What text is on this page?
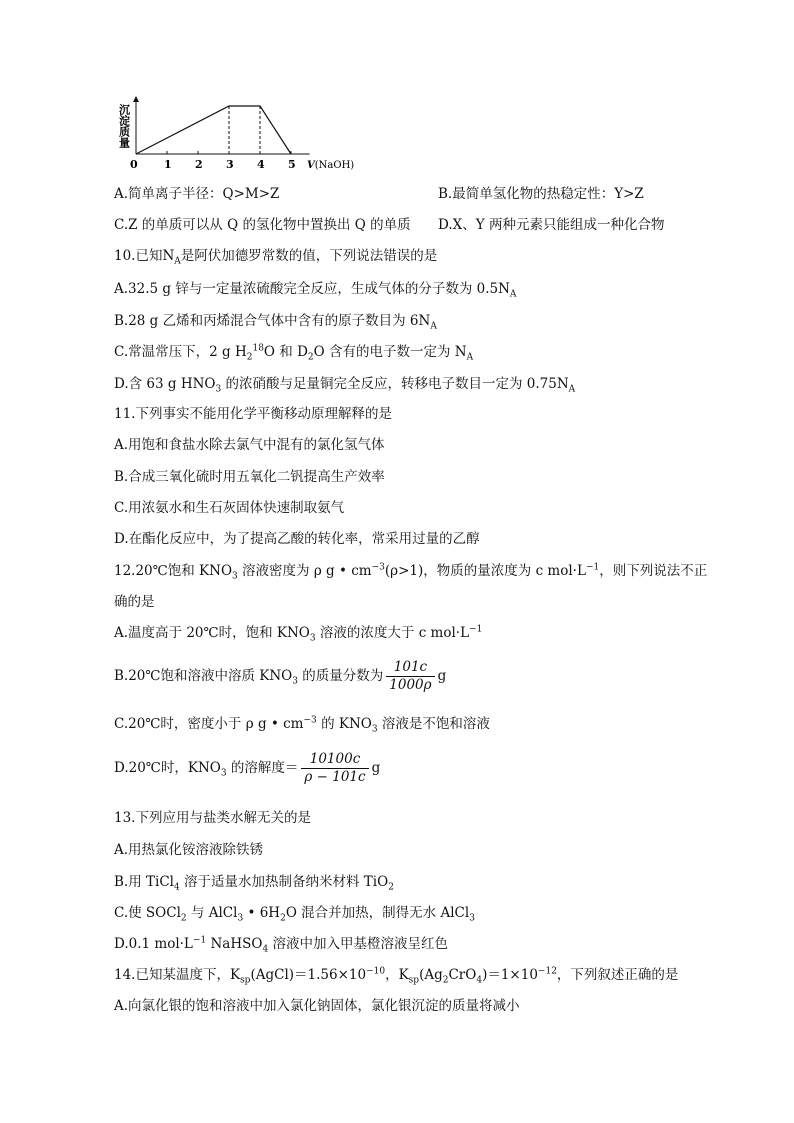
沉淀质量
0 1 2 3 4 5 V(NaOH)
A.简单离子半径：Q>M>Z	B.最简单氢化物的热稳定性：Y>Z
C.Z 的单质可以从 Q 的氢化物中置换出 Q 的单质 D.X、Y 两种元素只能组成一种化合物
10.已知$N_A$是阿伏加德罗常数的值，下列说法错误的是
A.32.5 g 锌与一定量浓硫酸完全反应，生成气体的分子数为 $0.5N_A$
B.28 g 乙烯和丙烯混合气体中含有的原子数目为 $6N_A$
C.常温常压下，2 g $H_2^{18}O$ 和 $D_2O$ 含有的电子数一定为 $N_A$
D.含 63 g $HNO_3$ 的浓硝酸与足量铜完全反应，转移电子数目一定为 $0.75N_A$
11.下列事实不能用化学平衡移动原理解释的是
A.用饱和食盐水除去氯气中混有的氯化氢气体
B.合成三氧化硫时用五氧化二钒提高生产效率
C.用浓氨水和生石灰固体快速制取氨气
D.在酯化反应中，为了提高乙酸的转化率，常采用过量的乙醇
12.20℃饱和 $KNO_3$ 溶液密度为 ρ g • $cm^{-3}(\rho>1)$，物质的量浓度为 c $mol\cdot L^{-1}$，则下列说法不正
确的是
A.温度高于 20℃时，饱和 $KNO_3$ 溶液的浓度大于 c $mol\cdot L^{-1}$
B.20℃饱和溶液中溶质 $KNO_3$ 的质量分数为 $\frac{101c}{1000\rho}$ g
C.20℃时，密度小于 ρ g • $cm^{-3}$ 的 $KNO_3$ 溶液是不饱和溶液
D.20℃时，$KNO_3$ 的溶解度＝ $\frac{10100c}{\rho - 101c}$ g
13.下列应用与盐类水解无关的是
A.用热氯化铵溶液除铁锈
B.用 TiCl$_4$ 溶于适量水加热制备纳米材料 TiO$_2$
C.使 SOCl$_2$ 与 AlCl$_3$ • $6H_2O$ 混合并加热，制得无水 AlCl$_3$
D.0.1 $mol\cdot L^{-1}$ NaHSO$_4$ 溶液中加入甲基橙溶液呈红色
14.已知某温度下，$K_{sp}(AgCl)=1.56\times 10^{-10}$，$K_{sp}(Ag_2CrO_4)=1\times 10^{-12}$，下列叙述正确的是
A.向氯化银的饱和溶液中加入氯化钠固体，氯化银沉淀的质量将减小
